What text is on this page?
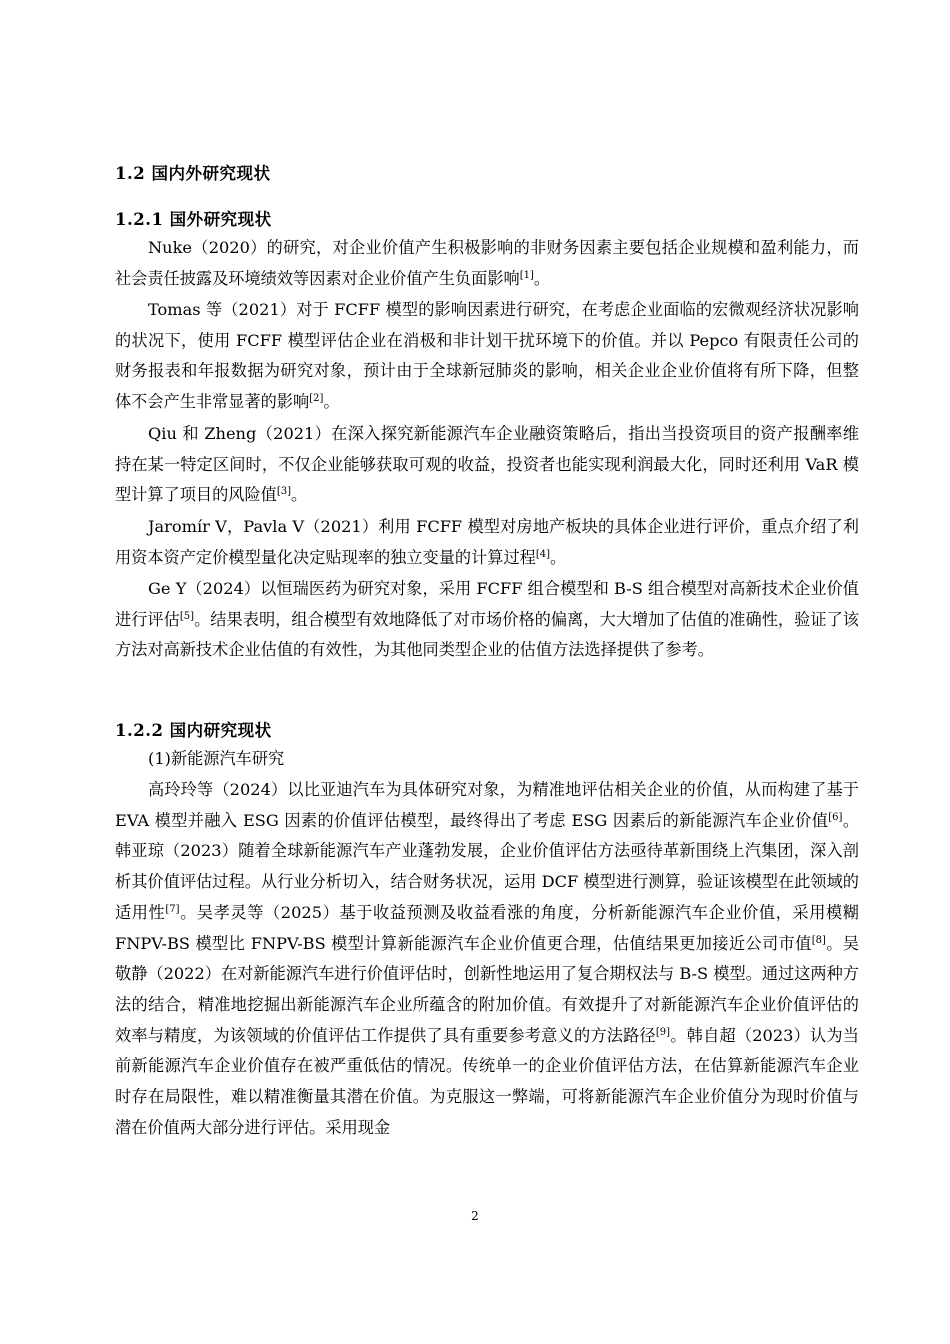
1.2 国内外研究现状
1.2.1 国外研究现状

Nuke（2020）的研究，对企业价值产生积极影响的非财务因素主要包括企业规模和盈利能力，而社会责任披露及环境绩效等因素对企业价值产生负面影响[1]。

Tomas 等（2021）对于 FCFF 模型的影响因素进行研究，在考虑企业面临的宏微观经济状况影响的状况下，使用 FCFF 模型评估企业在消极和非计划干扰环境下的价值。并以 Pepco 有限责任公司的财务报表和年报数据为研究对象，预计由于全球新冠肺炎的影响，相关企业企业价值将有所下降，但整体不会产生非常显著的影响[2]。

Qiu 和 Zheng（2021）在深入探究新能源汽车企业融资策略后，指出当投资项目的资产报酬率维持在某一特定区间时，不仅企业能够获取可观的收益，投资者也能实现利润最大化，同时还利用 VaR 模型计算了项目的风险值[3]。

Jaromír V，Pavla V（2021）利用 FCFF 模型对房地产板块的具体企业进行评价，重点介绍了利用资本资产定价模型量化决定贴现率的独立变量的计算过程[4]。

Ge Y（2024）以恒瑞医药为研究对象，采用 FCFF 组合模型和 B-S 组合模型对高新技术企业价值进行评估[5]。结果表明，组合模型有效地降低了对市场价格的偏离，大大增加了估值的准确性，验证了该方法对高新技术企业估值的有效性，为其他同类型企业的估值方法选择提供了参考。

1.2.2 国内研究现状
(1)新能源汽车研究

高玲玲等（2024）以比亚迪汽车为具体研究对象，为精准地评估相关企业的价值，从而构建了基于 EVA 模型并融入 ESG 因素的价值评估模型，最终得出了考虑 ESG 因素后的新能源汽车企业价值[6]。韩亚琼（2023）随着全球新能源汽车产业蓬勃发展，企业价值评估方法亟待革新围绕上汽集团，深入剖析其价值评估过程。从行业分析切入，结合财务状况，运用 DCF 模型进行测算，验证该模型在此领域的适用性[7]。吴孝灵等（2025）基于收益预测及收益看涨的角度，分析新能源汽车企业价值，采用模糊 FNPV-BS 模型比 FNPV-BS 模型计算新能源汽车企业价值更合理，估值结果更加接近公司市值[8]。吴敬静（2022）在对新能源汽车进行价值评估时，创新性地运用了复合期权法与 B-S 模型。通过这两种方法的结合，精准地挖掘出新能源汽车企业所蕴含的附加价值。有效提升了对新能源汽车企业价值评估的效率与精度，为该领域的价值评估工作提供了具有重要参考意义的方法路径[9]。韩自超（2023）认为当前新能源汽车企业价值存在被严重低估的情况。传统单一的企业价值评估方法，在估算新能源汽车企业时存在局限性，难以精准衡量其潜在价值。为克服这一弊端，可将新能源汽车企业价值分为现时价值与潜在价值两大部分进行评估。采用现金

2
